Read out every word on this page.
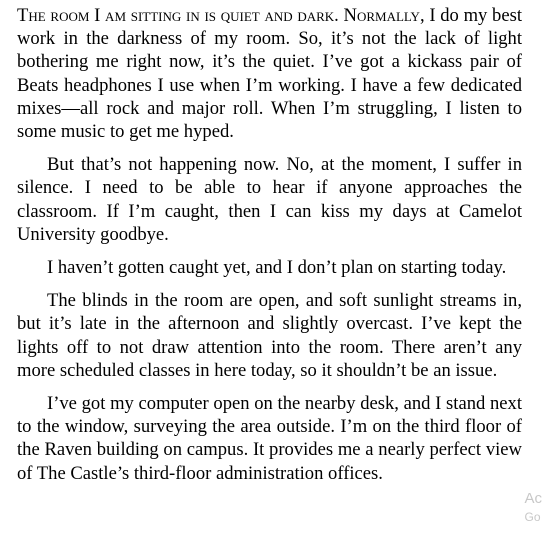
The room I am sitting in is quiet and dark. Normally, I do my best work in the darkness of my room. So, it’s not the lack of light bothering me right now, it’s the quiet. I’ve got a kickass pair of Beats headphones I use when I’m working. I have a few dedicated mixes—all rock and major roll. When I’m struggling, I listen to some music to get me hyped.

But that’s not happening now. No, at the moment, I suffer in silence. I need to be able to hear if anyone approaches the classroom. If I’m caught, then I can kiss my days at Camelot University goodbye.

I haven’t gotten caught yet, and I don’t plan on starting today.

The blinds in the room are open, and soft sunlight streams in, but it’s late in the afternoon and slightly overcast. I’ve kept the lights off to not draw attention into the room. There aren’t any more scheduled classes in here today, so it shouldn’t be an issue.

I’ve got my computer open on the nearby desk, and I stand next to the window, surveying the area outside. I’m on the third floor of the Raven building on campus. It provides me a nearly perfect view of The Castle’s third-floor administration offices.

Ac
Go
